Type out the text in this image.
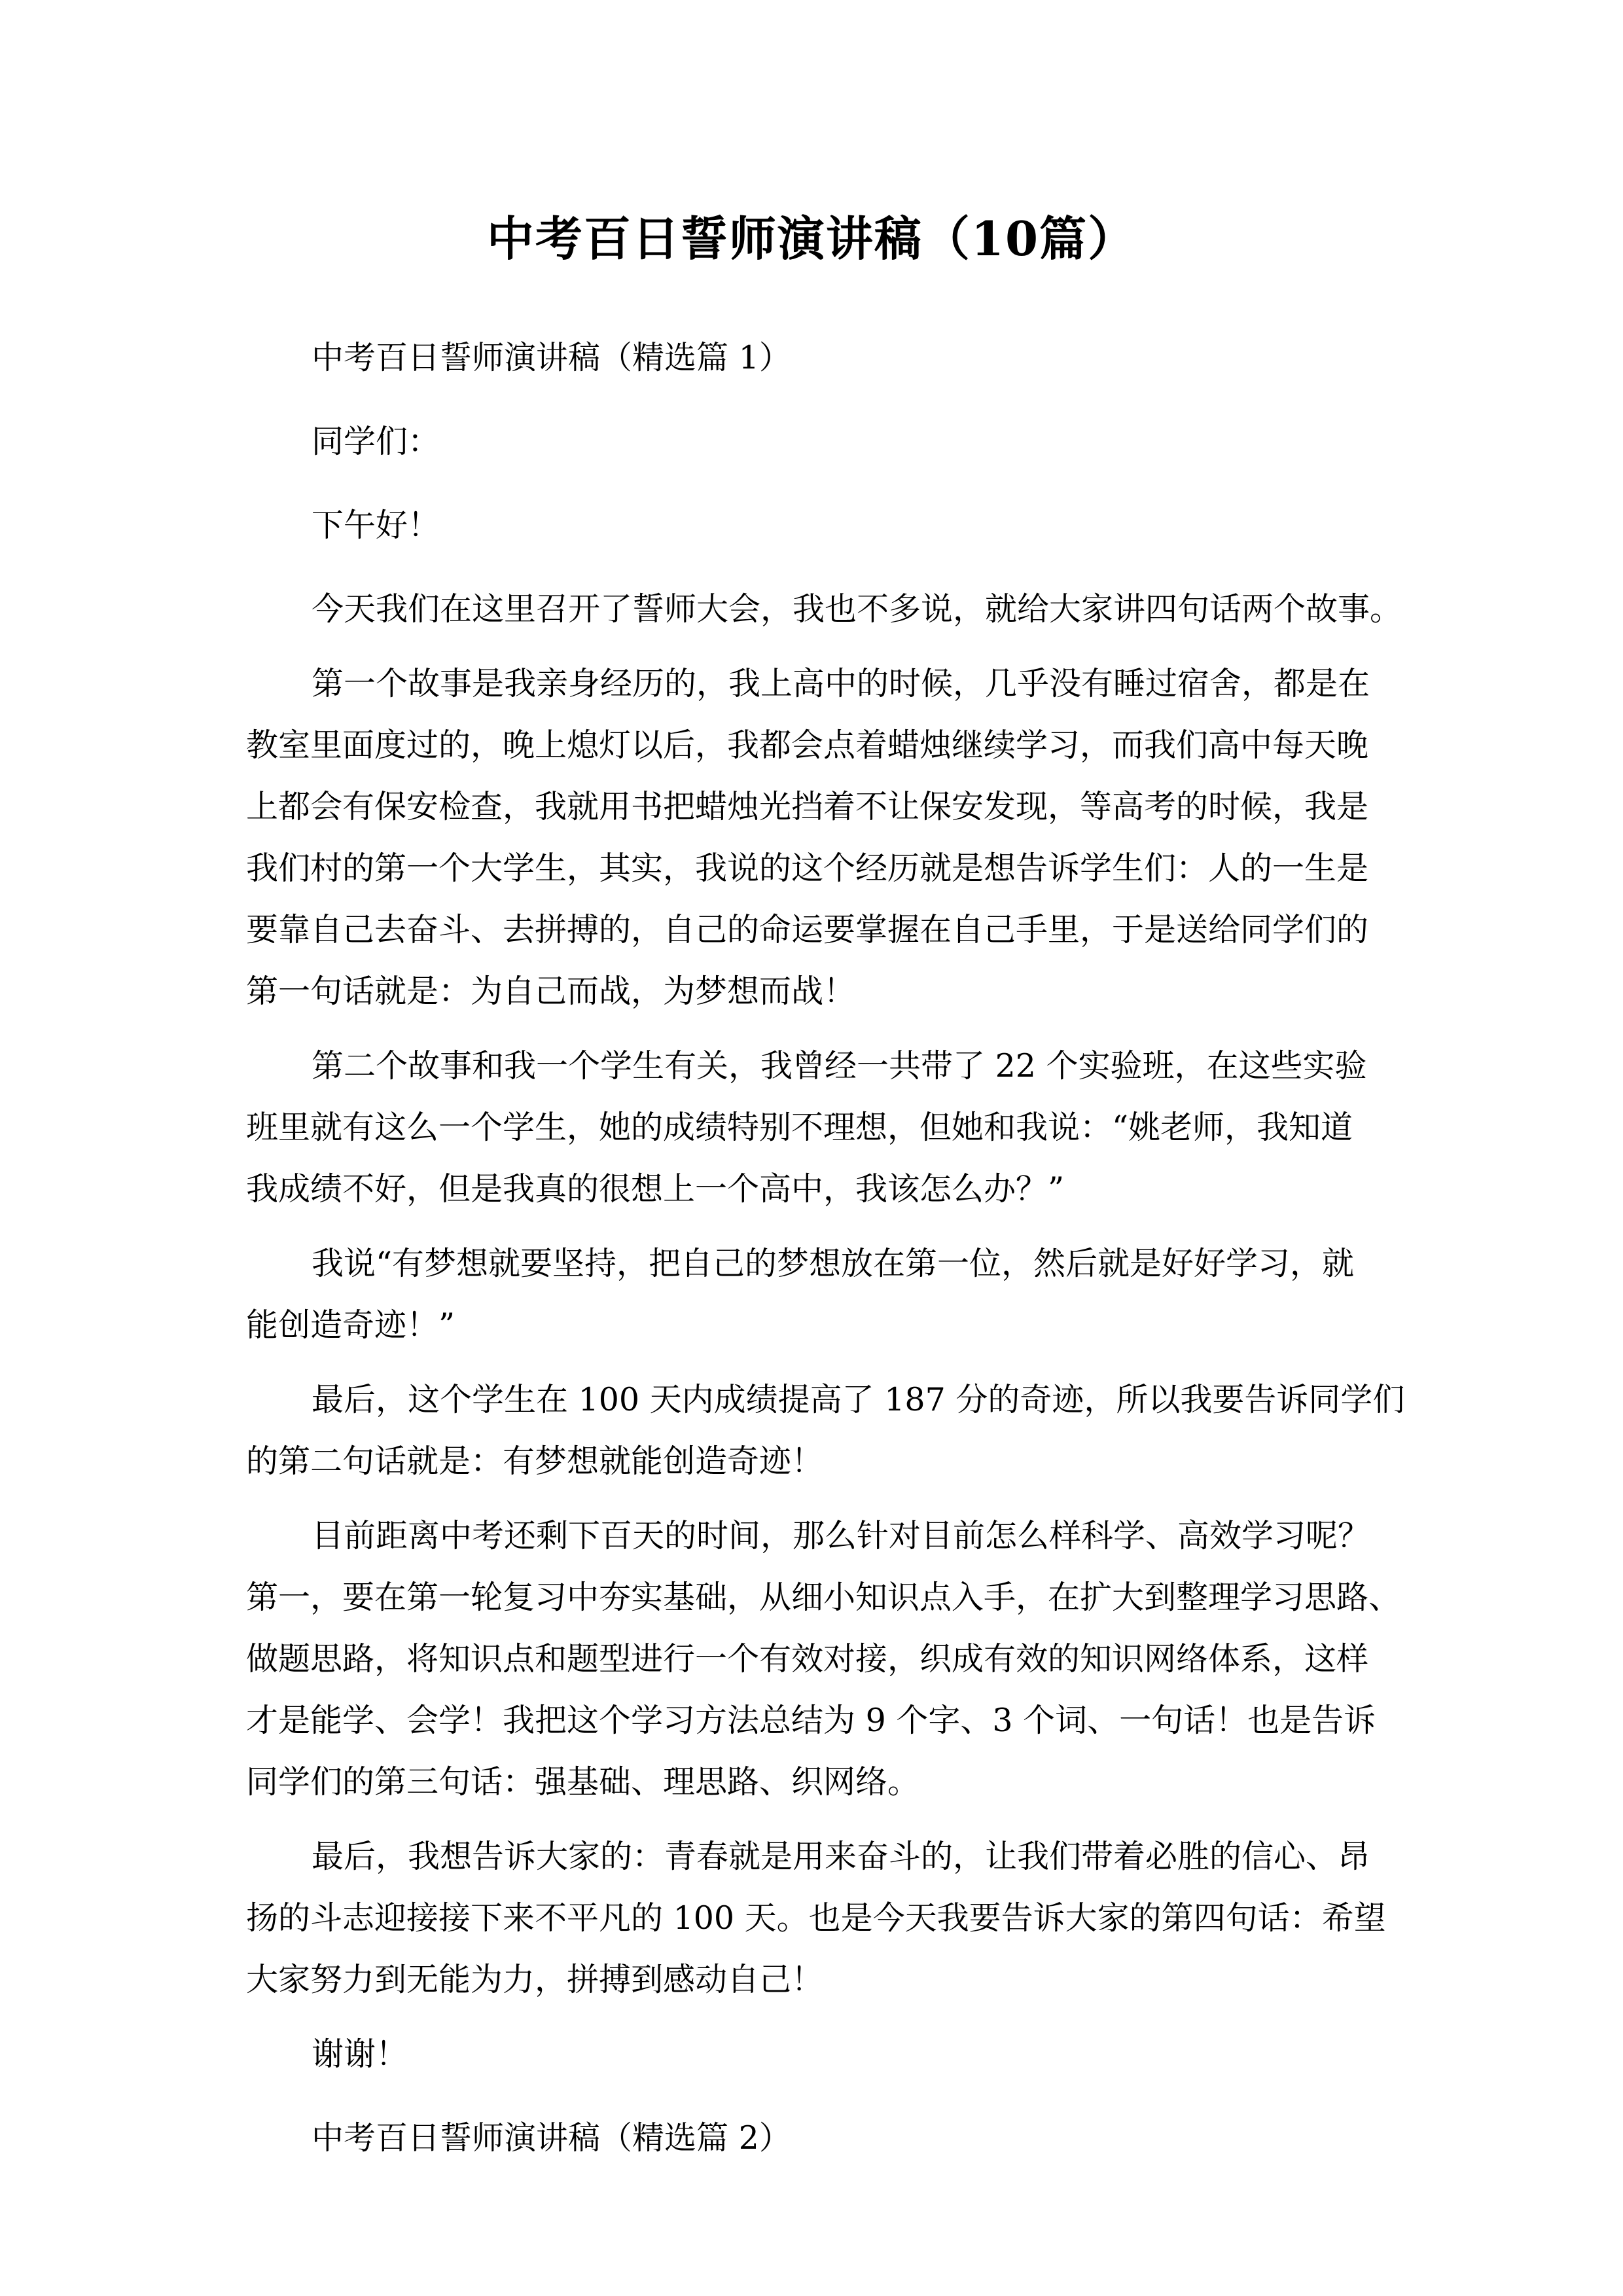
中考百日誓师演讲稿（10篇）
中考百日誓师演讲稿（精选篇 1）
同学们：
下午好！
今天我们在这里召开了誓师大会，我也不多说，就给大家讲四句话两个故事。
第一个故事是我亲身经历的，我上高中的时候，几乎没有睡过宿舍，都是在
教室里面度过的，晚上熄灯以后，我都会点着蜡烛继续学习，而我们高中每天晚
上都会有保安检查，我就用书把蜡烛光挡着不让保安发现，等高考的时候，我是
我们村的第一个大学生，其实，我说的这个经历就是想告诉学生们：人的一生是
要靠自己去奋斗、去拼搏的，自己的命运要掌握在自己手里，于是送给同学们的
第一句话就是：为自己而战，为梦想而战！
第二个故事和我一个学生有关，我曾经一共带了 22 个实验班，在这些实验
班里就有这么一个学生，她的成绩特别不理想，但她和我说：“姚老师，我知道
我成绩不好，但是我真的很想上一个高中，我该怎么办？”
我说“有梦想就要坚持，把自己的梦想放在第一位，然后就是好好学习，就
能创造奇迹！”
最后，这个学生在 100 天内成绩提高了 187 分的奇迹，所以我要告诉同学们
的第二句话就是：有梦想就能创造奇迹！
目前距离中考还剩下百天的时间，那么针对目前怎么样科学、高效学习呢？
第一，要在第一轮复习中夯实基础，从细小知识点入手，在扩大到整理学习思路、
做题思路，将知识点和题型进行一个有效对接，织成有效的知识网络体系，这样
才是能学、会学！我把这个学习方法总结为 9 个字、3 个词、一句话！也是告诉
同学们的第三句话：强基础、理思路、织网络。
最后，我想告诉大家的：青春就是用来奋斗的，让我们带着必胜的信心、昂
扬的斗志迎接接下来不平凡的 100 天。也是今天我要告诉大家的第四句话：希望
大家努力到无能为力，拼搏到感动自己！
谢谢！
中考百日誓师演讲稿（精选篇 2）
